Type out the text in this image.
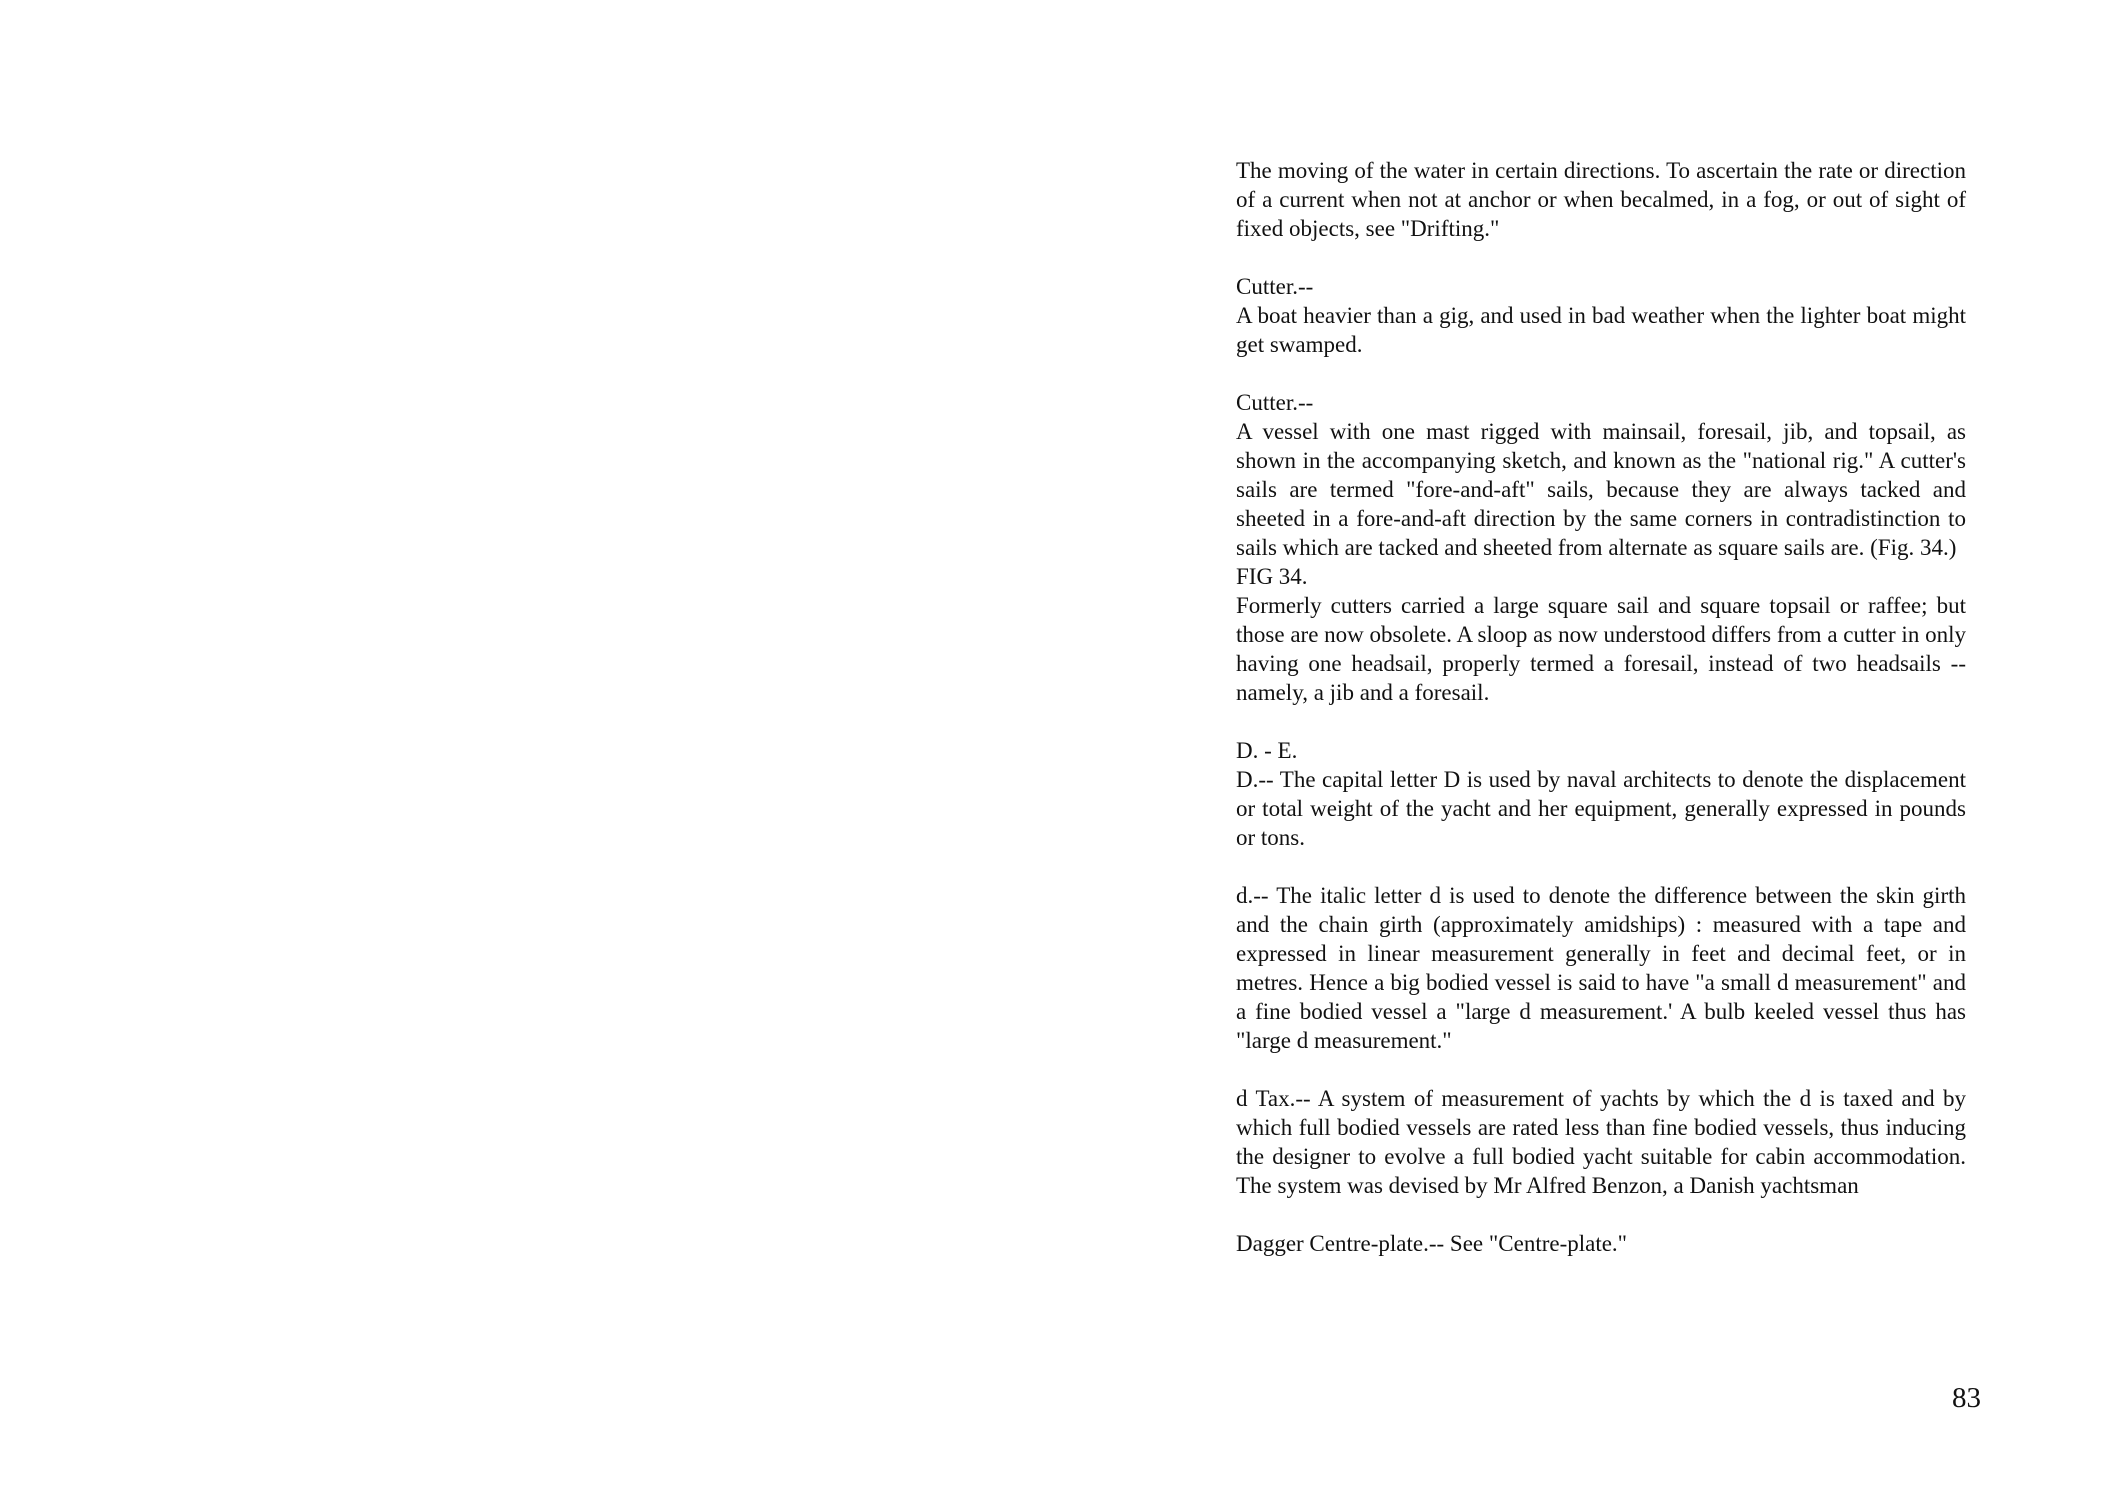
The moving of the water in certain directions. To ascertain the rate or direction of a current when not at anchor or when becalmed, in a fog, or out of sight of fixed objects, see "Drifting."

Cutter.--

A boat heavier than a gig, and used in bad weather when the lighter boat might get swamped.

Cutter.--

A vessel with one mast rigged with mainsail, foresail, jib, and topsail, as shown in the accompanying sketch, and known as the "national rig." A cutter's sails are termed "fore-and-aft" sails, because they are always tacked and sheeted in a fore-and-aft direction by the same corners in contradistinction to sails which are tacked and sheeted from alternate as square sails are. (Fig. 34.)

FIG 34.

Formerly cutters carried a large square sail and square topsail or raffee; but those are now obsolete. A sloop as now understood differs from a cutter in only having one headsail, properly termed a foresail, instead of two headsails -- namely, a jib and a foresail.

D. - E.

D.-- The capital letter D is used by naval architects to denote the displacement or total weight of the yacht and her equipment, generally expressed in pounds or tons.

d.-- The italic letter d is used to denote the difference between the skin girth and the chain girth (approximately amidships) : measured with a tape and expressed in linear measurement generally in feet and decimal feet, or in metres. Hence a big bodied vessel is said to have "a small d measurement" and a fine bodied vessel a "large d measurement.' A bulb keeled vessel thus has "large d measurement."

d Tax.-- A system of measurement of yachts by which the d is taxed and by which full bodied vessels are rated less than fine bodied vessels, thus inducing the designer to evolve a full bodied yacht suitable for cabin accommodation. The system was devised by Mr Alfred Benzon, a Danish yachtsman

Dagger Centre-plate.-- See "Centre-plate."

83
